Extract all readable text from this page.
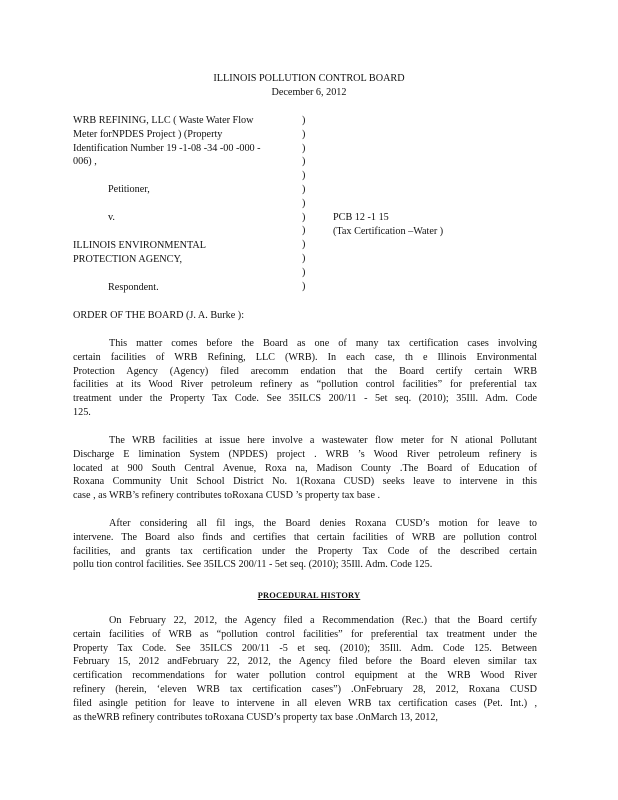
ILLINOIS POLLUTION CONTROL BOARD
December 6, 2012
WRB REFINING, LLC ( Waste Water Flow
Meter forNPDES Project ) (Property
Identification Number 19 -1-08 -34 -00 -000 -
006) ,
Petitioner,
v.
ILLINOIS ENVIRONMENTAL
PROTECTION AGENCY,
Respondent.
)
)
)
)
)
)
)
)
)
)
)
)
)
PCB 12 -1 15
(Tax Certification –Water )
ORDER OF THE BOARD (J. A. Burke ):
This matter comes before the Board as one of many tax certification cases involving
certain facilities of WRB Refining, LLC (WRB). In each case, th e Illinois Environmental
Protection Agency (Agency) filed arecomm endation that the Board certify certain WRB
facilities at its Wood River petroleum refinery as “pollution control facilities” for preferential tax
treatment under the Property Tax Code. See 35ILCS 200/11 - 5et seq. (2010); 35Ill. Adm. Code
125.
The WRB facilities at issue here involve a wastewater flow meter for N ational Pollutant
Discharge E limination System (NPDES) project . WRB ’s Wood River petroleum refinery is
located at 900 South Central Avenue, Roxa na, Madison County .The Board of Education of
Roxana Community Unit School District No. 1(Roxana CUSD) seeks leave to intervene in this
case , as WRB’s refinery contributes toRoxana CUSD ’s property tax base .
After considering all fil ings, the Board denies Roxana CUSD’s motion for leave to
intervene. The Board also finds and certifies that certain facilities of WRB are pollution control
facilities, and grants tax certification under the Property Tax Code of the described certain
pollu tion control facilities. See 35ILCS 200/11 - 5et seq. (2010); 35Ill. Adm. Code 125.
PROCEDURAL HISTORY
On February 22, 2012, the Agency filed a Recommendation (Rec.) that the Board certify
certain facilities of WRB as “pollution control facilities” for preferential tax treatment under the
Property Tax Code. See 35ILCS 200/11 -5 et seq. (2010); 35Ill. Adm. Code 125. Between
February 15, 2012 andFebruary 22, 2012, the Agency filed before the Board eleven similar tax
certification recommendations for water pollution control equipment at the WRB Wood River
refinery (herein, ‘eleven WRB tax certification cases”) .OnFebruary 28, 2012, Roxana CUSD
filed asingle petition for leave to intervene in all eleven WRB tax certification cases (Pet. Int.) ,
as theWRB refinery contributes toRoxana CUSD’s property tax base .OnMarch 13, 2012,
